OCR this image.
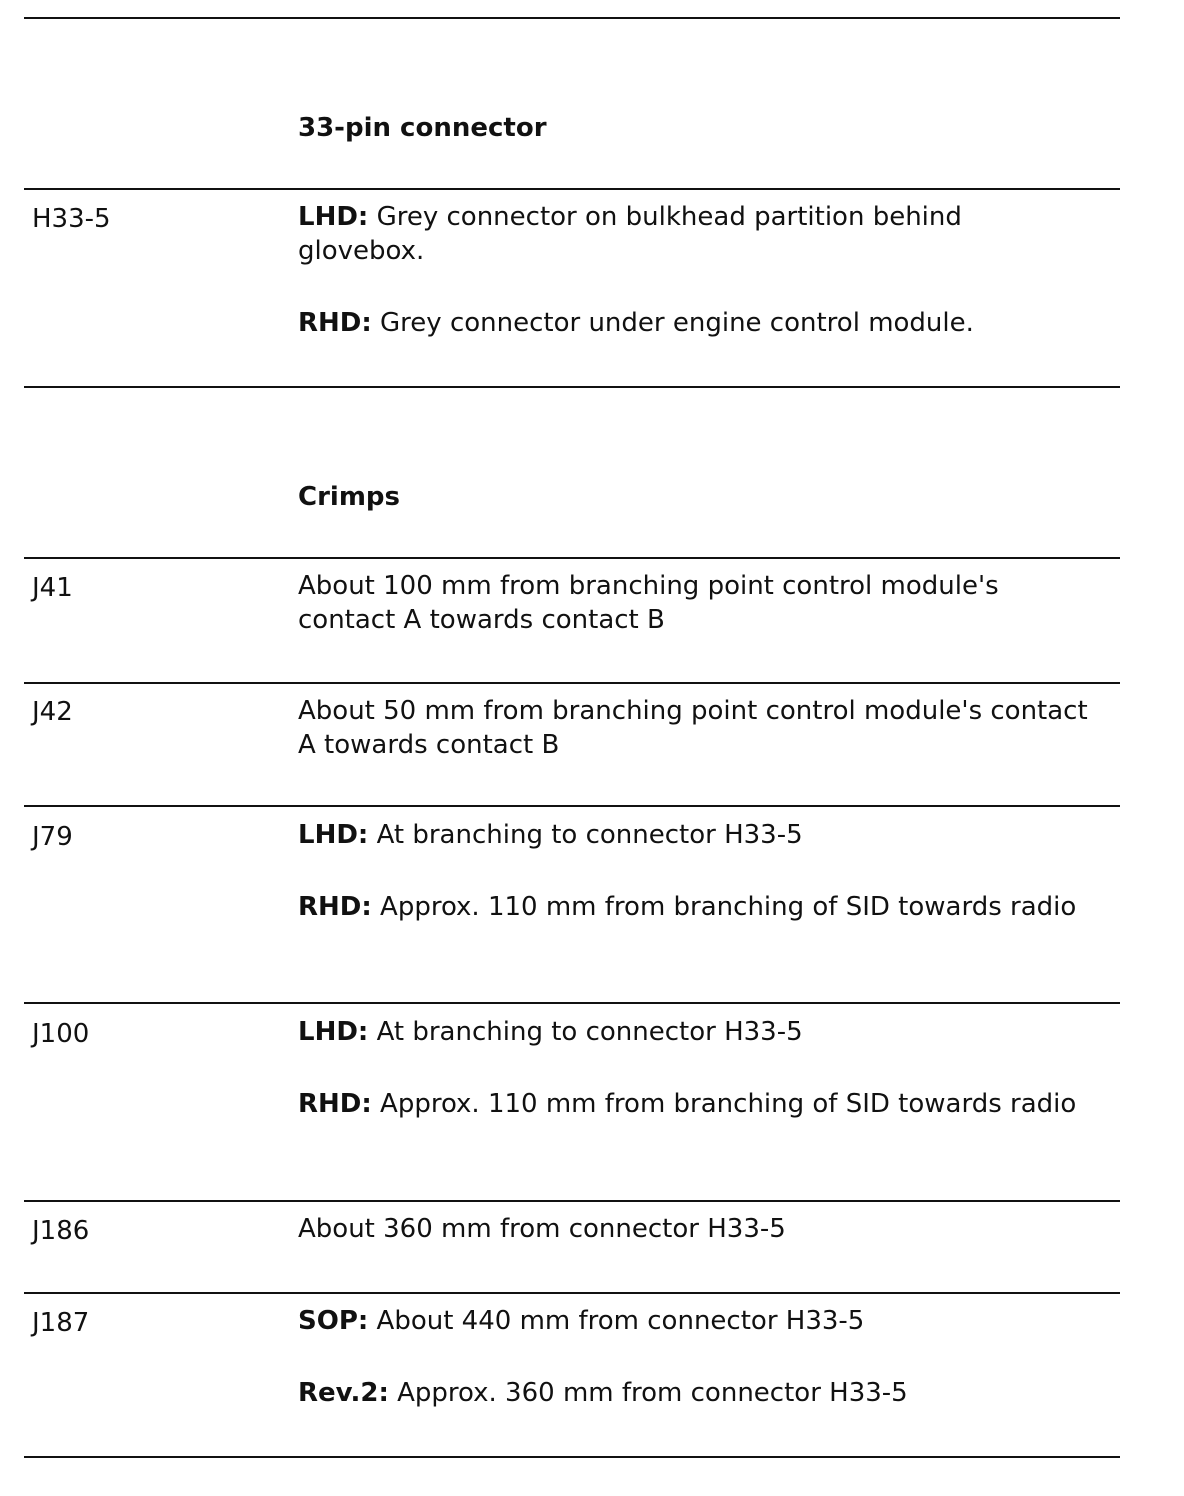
33-pin connector
H33-5	LHD: Grey connector on bulkhead partition behind glovebox.

RHD: Grey connector under engine control module.

Crimps
J41	About 100 mm from branching point control module's contact A towards contact B

J42	About 50 mm from branching point control module's contact A towards contact B

J79	LHD: At branching to connector H33-5

RHD: Approx. 110 mm from branching of SID towards radio

J100	LHD: At branching to connector H33-5

RHD: Approx. 110 mm from branching of SID towards radio

J186	About 360 mm from connector H33-5

J187	SOP: About 440 mm from connector H33-5

Rev.2: Approx. 360 mm from connector H33-5
